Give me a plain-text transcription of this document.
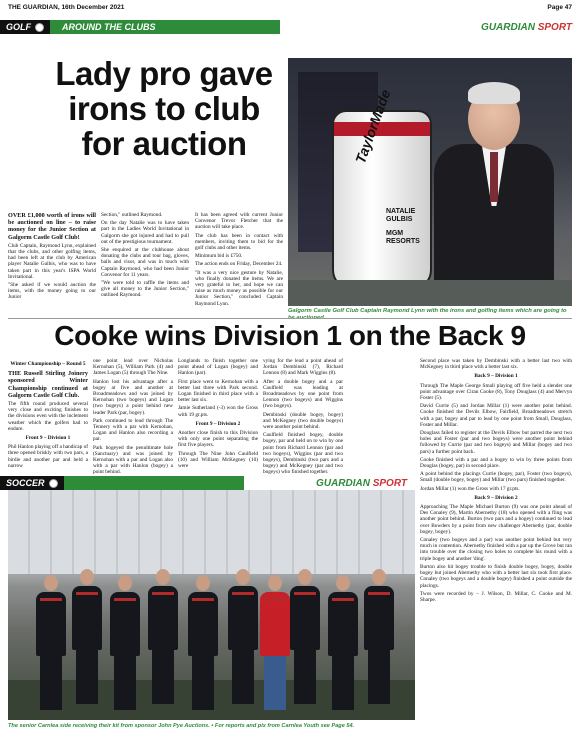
THE GUARDIAN, 16th December 2021	Page 47
GOLF	AROUND THE CLUBS	GUARDIAN SPORT
Lady pro gave irons to club for auction

OVER £1,000 worth of irons will be auctioned on line – to raise money for the Junior Section at Galgorm Castle Golf Club!

Club Captain, Raymond Lynn, explained that the clubs, and other golfing items, had been left at the club by American player Natalie Gulbis, who was to have taken part in this year's ISPA World Invitational.

"She asked if we would auction the items, with the money going to our Junior

Section," outlined Raymond.

On the day Natalie was to have taken part in the Ladies World Invitational in Galgorm she got injured and had to pull out of the prestigious tournament.

She enquired at the clubhouse about donating the clubs and tour bag, gloves, balls and visor, and was in touch with Captain Raymond, who had been Junior Convenor for 11 years.

"We were told to raffle the items and give all money to the Junior Section," outlined Raymond.

It has been agreed with current Junior Convenor Trevor Fletcher that the auction will take place.

The club has been in contact with members, inviting them to bid for the golf clubs and other items.

Minimum bid is £750.

The action ends on Friday, December 24.

"It was a very nice gesture by Natalie, who finally donated the items. We are very grateful to her, and hope we can raise as much money as possible for our Junior Section," concluded Captain Raymond Lynn.

TaylorMade
NATALIE GULBIS
MGM RESORTS
Galgorm Castle Golf Club Captain Raymond Lynn with the irons and golfing items which are going to
Cooke wins Division 1 on the Back 9

Winter Championship – Round 5

THE Russell Stirling Joinery sponsored Winter Championship continued at Galgorm Castle Golf Club.

The fifth round produced several very close and exciting finishes to the divisions even with the inclement weather which the golfers had to endure.

Front 9 – Division 1

Phil Hanlon playing off a handicap of three opened briskly with two pars, a birdie and another par and held a narrow

one point lead over Nicholas Kernohan (5), William Park (4) and James Logan (5) through The Nine.

Hanlon lost his advantage after a bogey at five and another at Broadmeadows and was joined by Kernohan (two bogeys) and Logan (two bogeys) a point behind new leader Park (par, bogey).

Park continued to lead through The Tennery with a par with Kernohan, Logan and Hanlon also recording a par.

Park bogeyed the penultimate hole (Sanctuary) and was joined by Kernohan with a par and Logan also with a par with Hanlon (bogey) a point behind.

Longlands to finish together one point ahead of Logan (bogey) and Hanlon (par).

First place went to Kernohan with a better last three with Park second. Logan finished in third place with a better last six.

Jamie Sutherland (-3) won the Gross with 19 gr.pts.

Front 9 – Division 2

Another close finish to this Division with only one point separating the first five players.

Through The Nine John Caulfield (10) and William McKegney (10) were

vying for the lead a point ahead of Jordan Dembinski (7), Richard Lennon (8) and Mark Wiggins (8).

After a double bogey and a par Caulfield was leading at Broadmeadows by one point from Lennon (two bogeys) and Wiggins (two bogeys).

Dembinski (double bogey, bogey) and McKegney (two double bogeys) were another point behind.

Caulfield finished bogey, double bogey, par and held on to win by one point from Richard Lennon (par and two bogeys), Wiggins (par and two bogeys), Dembinski (two pars and a bogey) and McKegney (par and two bogeys) who finished together.

Second place was taken by Dembinski with a better last two with McKegney in third place with a better last six.

Back 9 – Division 1

Through The Maple George Small playing off five held a slender one point advantage over Ciran Cooke (8), Tony Douglass (4) and Mervyn Foster (5).

David Currie (5) and Jordan Millar (1) were another point behind. Cooke finished the Devils Elbow, Fairfield, Broadmeadows stretch with a par, bogey and par to lead by one point from Small, Douglass, Foster and Millar.

Douglass failed to register at the Devils Elbow but parred the next two holes and Foster (par and two bogeys) were another point behind followed by Currie (par and two bogeys) and Millar (bogey and two pars) a further point back.

Cooke finished with a par and a bogey to win by three points from Douglas (bogey, par) in second place.

A point behind the placings Currie (bogey, par), Foster (two bogeys), Small (double bogey, bogey) and Millar (two pars) finished together.

Jordan Millar (1) won the Gross with 17 gr.pts.

Back 9 – Division 2

Approaching The Maple Michael Burton (9) was one point ahead of Des Conaley (9), Martin Abernethy (18) who opened with a fling was another point behind. Burton (two pars and a bogey) continued to lead over Bowders by a point from new challenger Abernethy (par, double bogey, bogey).

Conaley (two bogeys and a par) was another point behind but very much in contention. Abernethy finished with a par up the Grove but ran into trouble over the closing two holes to complete his round with a triple bogey and another 'ding'.

Burton also hit bogey trouble to finish double bogey, bogey, double bogey but joined Abernethy who with a better last six took first place. Conaley (two bogeys and a double bogey) finished a point outside the placings.

Twos were recorded by – J. Wilson, D. Millar, C. Cooke and M. Sharpe.

SOCCER	GUARDIAN SPORT
The senior Carnlea side receiving their kit from sponsor John Pye Auctions. • For reports and pix from Carnlea Youth see Page 54.
